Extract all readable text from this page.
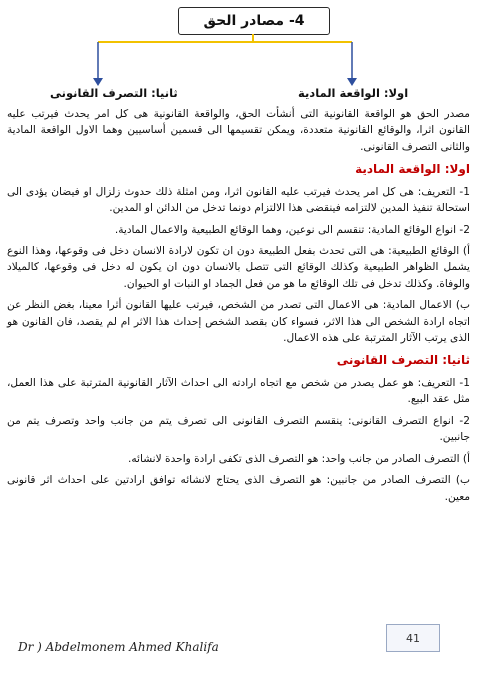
4- مصادر الحق
ثانيا: التصرف القانونى	اولا: الواقعة المادية

مصدر الحق هو الواقعة القانونية التى أنشأت الحق، والواقعة القانونية هى كل امر يحدث فيرتب عليه القانون اثرا، والوقائع القانونية متعددة، ويمكن تقسيمها الى قسمين أساسيين وهما الاول الواقعة المادية والثانى التصرف القانونى.

اولا: الواقعة المادية

1- التعريف: هى كل امر يحدث فيرتب عليه القانون اثرا، ومن امثلة ذلك حدوث زلزال او فيضان يؤدى الى استحالة تنفيذ المدين لالتزامه فينقضى هذا الالتزام دونما تدخل من الدائن او المدين.

2- انواع الوقائع المادية: تنقسم الى نوعين، وهما الوقائع الطبيعية والاعمال المادية.

أ) الوقائع الطبيعية: هى التى تحدث بفعل الطبيعة دون ان تكون لارادة الانسان دخل فى وقوعها، وهذا النوع يشمل الظواهر الطبيعية وكذلك الوقائع التى تتصل بالانسان دون ان يكون له دخل فى وقوعها، كالميلاد والوفاة. وكذلك تدخل فى تلك الوقائع ما هو من فعل الجماد او النبات او الحيوان.

ب) الاعمال المادية: هى الاعمال التى تصدر من الشخص، فيرتب عليها القانون أثرا معينا، بغض النظر عن اتجاه ارادة الشخص الى هذا الاثر، فسواء كان بقصد الشخص إحداث هذا الاثر ام لم يقصد، فان القانون هو الذى يرتب الآثار المترتبة على هذه الاعمال.

ثانيا: التصرف القانونى

1- التعريف: هو عمل يصدر من شخص مع اتجاه ارادته الى احداث الآثار القانونية المترتبة على هذا العمل، مثل عقد البيع.

2- انواع التصرف القانونى: ينقسم التصرف القانونى الى تصرف يتم من جانب واحد وتصرف يتم من جانبين.

أ) التصرف الصادر من جانب واحد: هو التصرف الذى تكفى ارادة واحدة لانشائه.

ب) التصرف الصادر من جانبين: هو التصرف الذى يحتاج لانشائه توافق ارادتين على احداث اثر قانونى معين.

Dr ) Abdelmonem Ahmed Khalifa
41
